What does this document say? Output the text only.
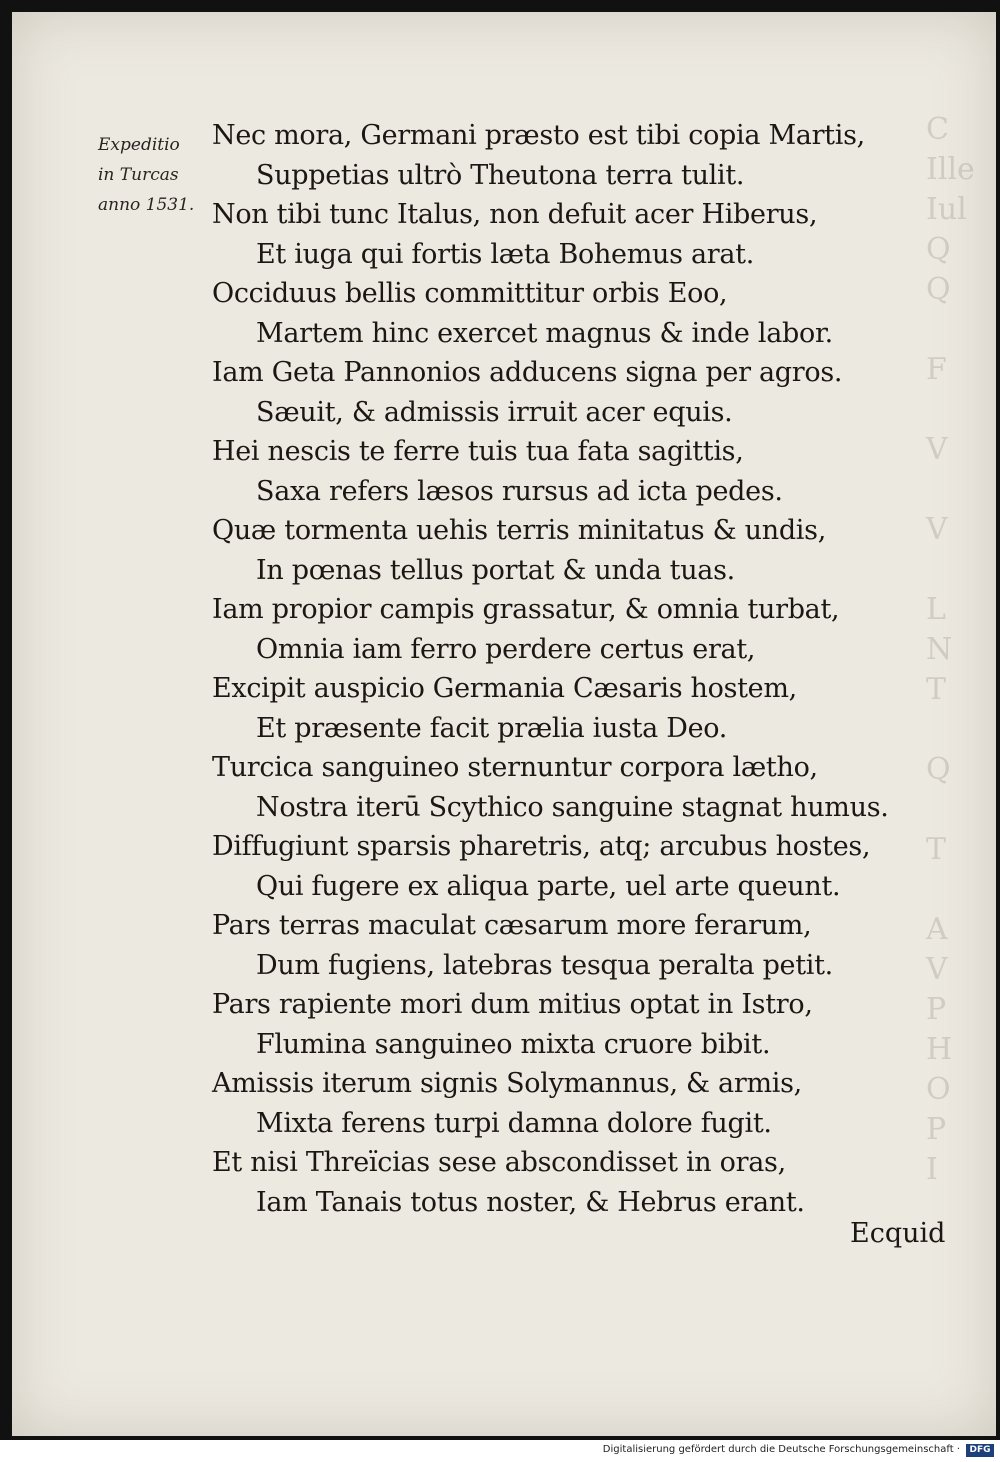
C
Ille
Iul
Q
Q
F
V
V
L
N
T
Q
T
A
V
P
H
O
P
I
Expeditio
in Turcas
anno 1531.
Nec mora, Germani præsto est tibi copia Martis,
Suppetias ultrò Theutona terra tulit.
Non tibi tunc Italus, non defuit acer Hiberus,
Et iuga qui fortis læta Bohemus arat.
Occiduus bellis committitur orbis Eoo,
Martem hinc exercet magnus & inde labor.
Iam Geta Pannonios adducens signa per agros.
Sæuit, & admissis irruit acer equis.
Hei nescis te ferre tuis tua fata sagittis,
Saxa refers læsos rursus ad icta pedes.
Quæ tormenta uehis terris minitatus & undis,
In pœnas tellus portat & unda tuas.
Iam propior campis grassatur, & omnia turbat,
Omnia iam ferro perdere certus erat,
Excipit auspicio Germania Cæsaris hostem,
Et præsente facit prælia iusta Deo.
Turcica sanguineo sternuntur corpora lætho,
Nostra iterū Scythico sanguine stagnat humus.
Diffugiunt sparsis pharetris, atq; arcubus hostes,
Qui fugere ex aliqua parte, uel arte queunt.
Pars terras maculat cæsarum more ferarum,
Dum fugiens, latebras tesqua peralta petit.
Pars rapiente mori dum mitius optat in Istro,
Flumina sanguineo mixta cruore bibit.
Amissis iterum signis Solymannus, & armis,
Mixta ferens turpi damna dolore fugit.
Et nisi Threïcias sese abscondisset in oras,
Iam Tanais totus noster, & Hebrus erant.
Ecquid
Digitalisierung gefördert durch die Deutsche Forschungsgemeinschaft ·	DFG
